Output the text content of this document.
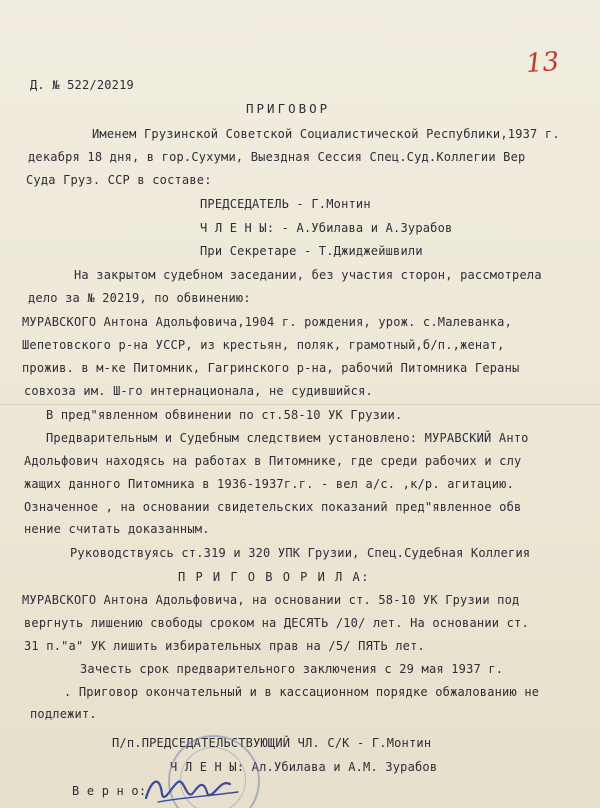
13
Д. № 522/20219
ПРИГОВОР
Именем Грузинской Советской Социалистической Республики,1937 г.
декабря 18 дня, в гор.Сухуми, Выездная Сессия Спец.Суд.Коллегии Вер
Суда Груз. ССР в составе:
ПРЕДСЕДАТЕЛЬ - Г.Монтин
Ч Л Е Н Ы: - А.Убилава и А.Зурабов
При Секретаре - Т.Джиджейшвили
На закрытом судебном заседании, без участия сторон, рассмотрела
дело за № 20219, по обвинению:
МУРАВСКОГО Антона Адольфовича,1904 г. рождения, урож. с.Малеванка,
Шепетовского р-на УССР, из крестьян, поляк, грамотный,б/п.,женат,
прожив. в м-ке Питомник, Гагринского р-на, рабочий Питомника Гераны
совхоза им. Ш-го интернационала, не судившийся.
В пред"явленном обвинении по ст.58-10 УК Грузии.
Предварительным и Судебным следствием установлено: МУРАВСКИЙ Анто
Адольфович находясь на работах в Питомнике, где среди рабочих и слу
жащих данного Питомника в 1936-1937г.г. - вел а/с. ,к/р. агитацию.
Означенное , на основании свидетельских показаний пред"явленное обв
нение считать доказанным.
Руководствуясь ст.319 и 320 УПК Грузии, Спец.Судебная Коллегия
П Р И Г О В О Р И Л А:
МУРАВСКОГО Антона Адольфовича, на основании ст. 58-10 УК Грузии под
вергнуть лишению свободы сроком на ДЕСЯТЬ /10/ лет. На основании ст.
31 п."а" УК лишить избирательных прав на /5/ ПЯТЬ лет.
Зачесть срок предварительного заключения с 29 мая 1937 г.
. Приговор окончательный и в кассационном порядке обжалованию не
подлежит.
П/п.ПРЕДСЕДАТЕЛЬСТВУЮЩИЙ ЧЛ. С/К - Г.Монтин
Ч Л Е Н Ы: Ал.Убилава и А.М. Зурабов
В е р н о:
